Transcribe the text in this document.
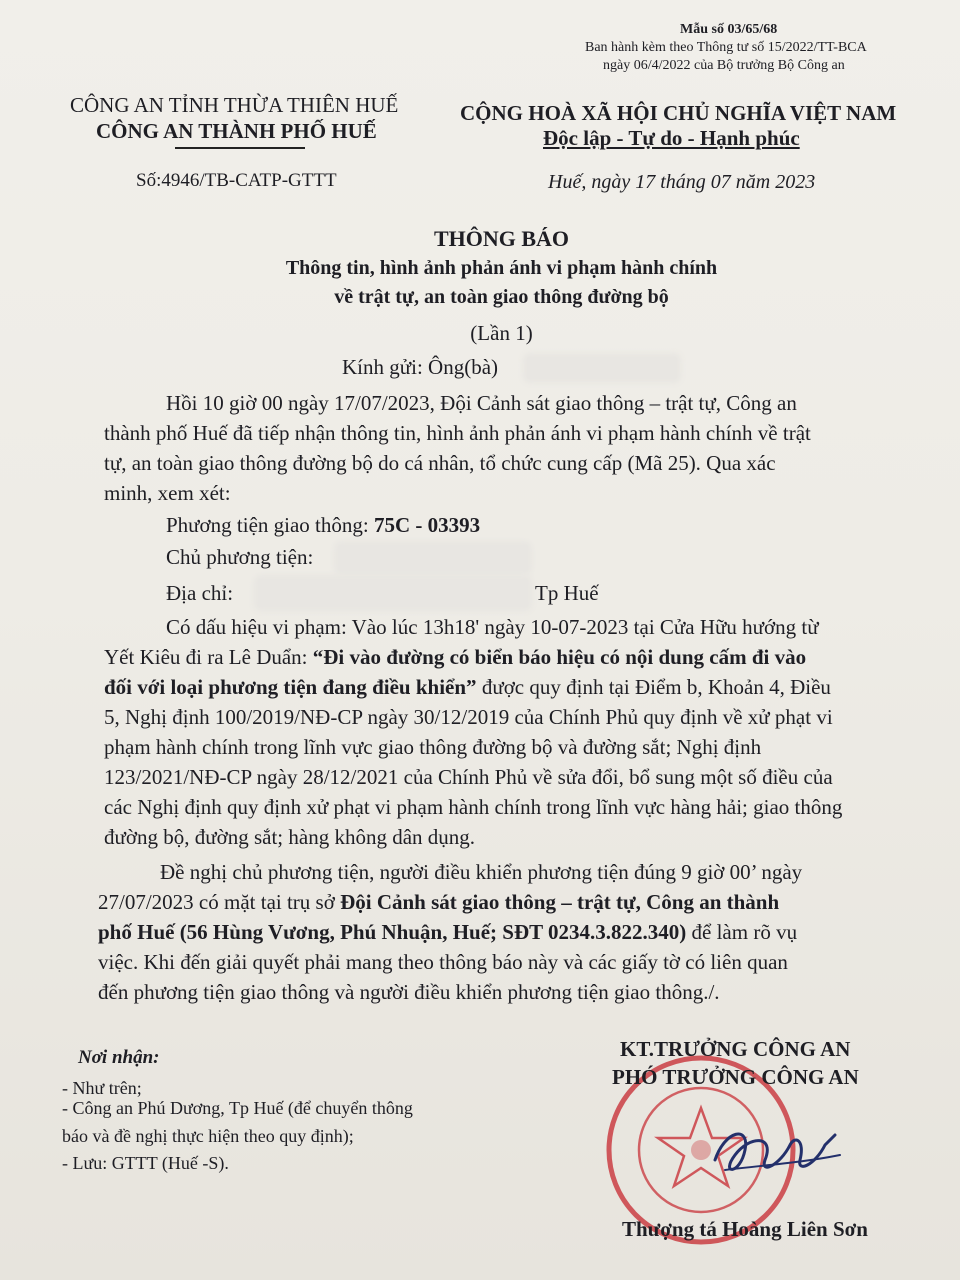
Mẫu số 03/65/68
Ban hành kèm theo Thông tư số 15/2022/TT-BCA
ngày 06/4/2022 của Bộ trưởng Bộ Công an
CÔNG AN TỈNH THỪA THIÊN HUẾ
CÔNG AN THÀNH PHỐ HUẾ
Số:4946/TB-CATP-GTTT
CỘNG HOÀ XÃ HỘI CHỦ NGHĨA VIỆT NAM
Độc lập - Tự do - Hạnh phúc
Huế, ngày 17 tháng 07 năm 2023
THÔNG BÁO
Thông tin, hình ảnh phản ánh vi phạm hành chính
về trật tự, an toàn giao thông đường bộ
(Lần 1)
Kính gửi: Ông(bà)
Hồi 10 giờ 00 ngày 17/07/2023, Đội Cảnh sát giao thông – trật tự, Công an
thành phố Huế đã tiếp nhận thông tin, hình ảnh phản ánh vi phạm hành chính về trật
tự, an toàn giao thông đường bộ do cá nhân, tổ chức cung cấp (Mã 25). Qua xác
minh, xem xét:
Phương tiện giao thông: 75C - 03393
Chủ phương tiện:
Địa chỉ:	Tp Huế
Có dấu hiệu vi phạm: Vào lúc 13h18' ngày 10-07-2023 tại Cửa Hữu hướng từ
Yết Kiêu đi ra Lê Duẩn: “Đi vào đường có biển báo hiệu có nội dung cấm đi vào
đối với loại phương tiện đang điều khiển” được quy định tại Điểm b, Khoản 4, Điều
5, Nghị định 100/2019/NĐ-CP ngày 30/12/2019 của Chính Phủ quy định về xử phạt vi
phạm hành chính trong lĩnh vực giao thông đường bộ và đường sắt; Nghị định
123/2021/NĐ-CP ngày 28/12/2021 của Chính Phủ về sửa đổi, bổ sung một số điều của
các Nghị định quy định xử phạt vi phạm hành chính trong lĩnh vực hàng hải; giao thông
đường bộ, đường sắt; hàng không dân dụng.
Đề nghị chủ phương tiện, người điều khiển phương tiện đúng 9 giờ 00’ ngày
27/07/2023 có mặt tại trụ sở Đội Cảnh sát giao thông – trật tự, Công an thành
phố Huế (56 Hùng Vương, Phú Nhuận, Huế; SĐT 0234.3.822.340) để làm rõ vụ
việc. Khi đến giải quyết phải mang theo thông báo này và các giấy tờ có liên quan
đến phương tiện giao thông và người điều khiển phương tiện giao thông./.
Nơi nhận:
- Như trên;
- Công an Phú Dương, Tp Huế (để chuyển thông
báo và đề nghị thực hiện theo quy định);
- Lưu: GTTT (Huế -S).
KT.TRƯỞNG CÔNG AN
PHÓ TRƯỞNG CÔNG AN
Thượng tá Hoàng Liên Sơn
